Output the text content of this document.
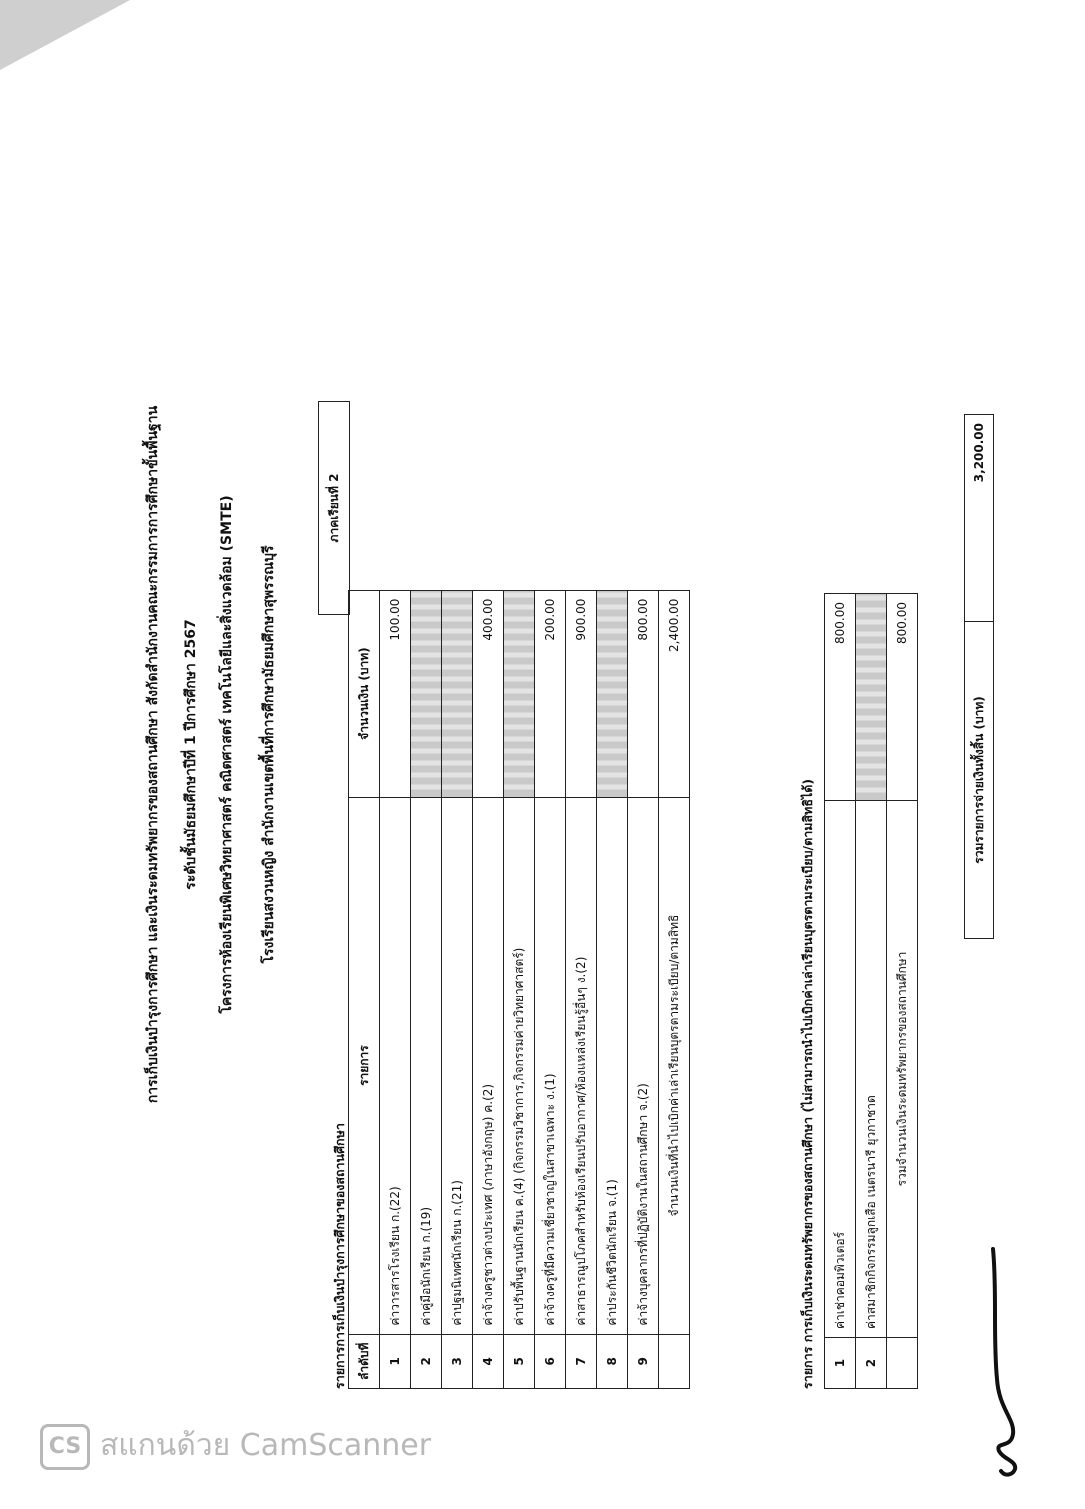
การเก็บเงินบำรุงการศึกษา และเงินระดมทรัพยากรของสถานศึกษา สังกัดสำนักงานคณะกรรมการการศึกษาขั้นพื้นฐาน ระดับชั้นมัธยมศึกษาปีที่ 1 ปีการศึกษา 2567 โครงการห้องเรียนพิเศษวิทยาศาสตร์ คณิตศาสตร์ เทคโนโลยีและสิ่งแวดล้อม (SMTE) โรงเรียนสงวนหญิง สำนักงานเขตพื้นที่การศึกษามัธยมศึกษาสุพรรณบุรี
รายการการเก็บเงินบำรุงการศึกษาของสถานศึกษา ลำดับที่	รายการ	จำนวนเงิน (บาท)
1	ค่าวารสารโรงเรียน ก.(22)	100.00
2	ค่าคู่มือนักเรียน ก.(19)	
3	ค่าปฐมนิเทศนักเรียน ก.(21)	
4	ค่าจ้างครูชาวต่างประเทศ (ภาษาอังกฤษ) ค.(2)	400.00
5	ค่าปรับพื้นฐานนักเรียน ค.(4) (กิจกรรมวิชาการ,กิจกรรมค่ายวิทยาศาสตร์)	
6	ค่าจ้างครูที่มีความเชี่ยวชาญในสาขาเฉพาะ ง.(1)	200.00
7	ค่าสาธารณูปโภคสำหรับห้องเรียนปรับอากาศ/ห้องแหล่งเรียนรู้อื่นๆ ง.(2)	900.00
8	ค่าประกันชีวิตนักเรียน จ.(1)	
9	ค่าจ้างบุคลากรที่ปฏิบัติงานในสถานศึกษา จ.(2)	800.00
	จำนวนเงินที่นำไปเบิกค่าเล่าเรียนบุตรตามระเบียบ/ตามสิทธิ	2,400.00
ภาคเรียนที่ 2
รายการ การเก็บเงินระดมทรัพยากรของสถานศึกษา (ไม่สามารถนำไปเบิกค่าเล่าเรียนบุตรตามระเบียบ/ตามสิทธิได้) 1	ค่าเช่าคอมพิวเตอร์	800.00
2	ค่าสมาชิกกิจกรรมลูกเสือ เนตรนารี ยุวกาชาด	
	รวมจำนวนเงินระดมทรัพยากรของสถานศึกษา	800.00
รวมรายการจ่ายเงินทั้งสิ้น (บาท)	3,200.00
CS สแกนด้วย CamScanner
